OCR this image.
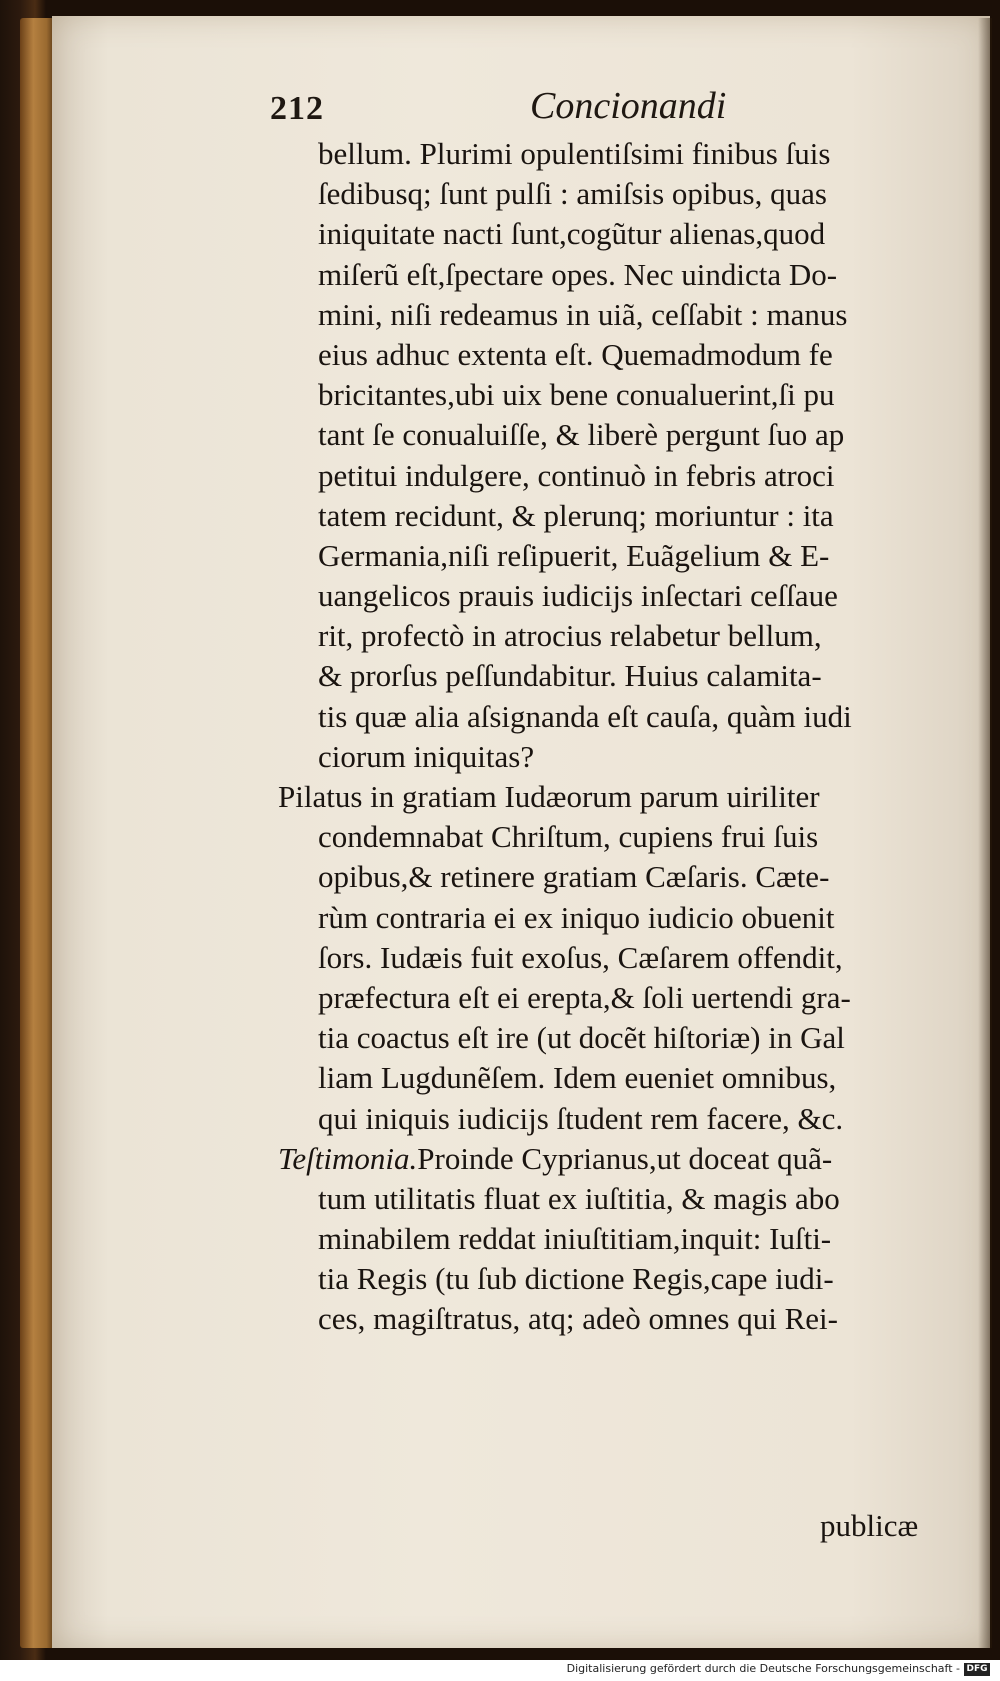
212	Concionandi
bellum. Plurimi opulentiſsimi finibus ſuis
ſedibusq; ſunt pulſi : amiſsis opibus, quas
iniquitate nacti ſunt,cogũtur alienas,quod
miſerũ eſt,ſpectare opes. Nec uindicta Do-
mini, niſi redeamus in uiã, ceſſabit : manus
eius adhuc extenta eſt. Quemadmodum fe
bricitantes,ubi uix bene conualuerint,ſi pu
tant ſe conualuiſſe, & liberè pergunt ſuo ap
petitui indulgere, continuò in febris atroci
tatem recidunt, & plerunq; moriuntur : ita
Germania,niſi reſipuerit, Euãgelium & E-
uangelicos prauis iudicijs inſectari ceſſaue
rit, profectò in atrocius relabetur bellum,
& prorſus peſſundabitur. Huius calamita-
tis quæ alia aſsignanda eſt cauſa, quàm iudi
ciorum iniquitas?
Pilatus in gratiam Iudæorum parum uiriliter
condemnabat Chriſtum, cupiens frui ſuis
opibus,& retinere gratiam Cæſaris. Cæte-
rùm contraria ei ex iniquo iudicio obuenit
ſors. Iudæis fuit exoſus, Cæſarem offendit,
præfectura eſt ei erepta,& ſoli uertendi gra-
tia coactus eſt ire (ut docẽt hiſtoriæ) in Gal
liam Lugdunẽſem. Idem eueniet omnibus,
qui iniquis iudicijs ſtudent rem facere, &c.
Teſtimonia.Proinde Cyprianus,ut doceat quã-
tum utilitatis fluat ex iuſtitia, & magis abo
minabilem reddat iniuſtitiam,inquit: Iuſti-
tia Regis (tu ſub dictione Regis,cape iudi-
ces, magiſtratus, atq; adeò omnes qui Rei-
publicæ
Digitalisierung gefördert durch die Deutsche Forschungsgemeinschaft - DFG
